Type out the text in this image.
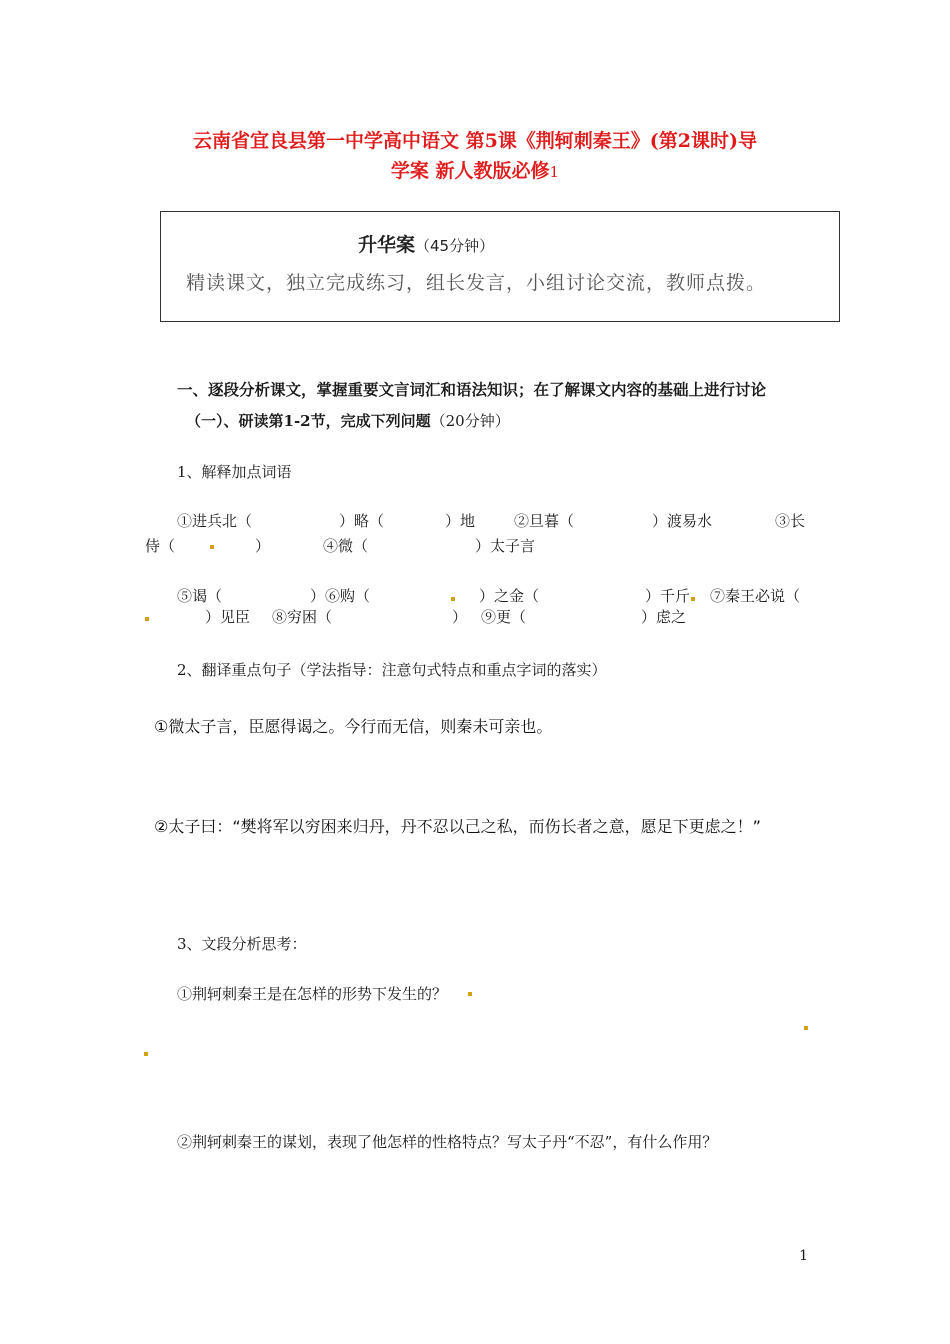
云南省宜良县第一中学高中语文 第5课《荆轲刺秦王》(第2课时)导
学案 新人教版必修1
升华案（45分钟）
精读课文，独立完成练习，组长发言，小组讨论交流，教师点拨。
一、逐段分析课文，掌握重要文言词汇和语法知识；在了解课文内容的基础上进行讨论
（一）、研读第1-2节，完成下列问题（20分钟）
1、解释加点词语
①进兵北（	）略（	）地	②旦暮（	）渡易水	③长
侍（	）	④微（	）太子言
⑤谒（	）⑥购（	）之金（	）千斤 ⑦秦王必说（
）见臣 ⑧穷困（	） ⑨更（	）虑之
2、翻译重点句子（学法指导：注意句式特点和重点字词的落实）
①微太子言，臣愿得谒之。今行而无信，则秦未可亲也。
②太子曰：“樊将军以穷困来归丹，丹不忍以己之私，而伤长者之意，愿足下更虑之！”
3、文段分析思考：
①荆轲刺秦王是在怎样的形势下发生的？
②荆轲刺秦王的谋划，表现了他怎样的性格特点？写太子丹“不忍”，有什么作用？
1
